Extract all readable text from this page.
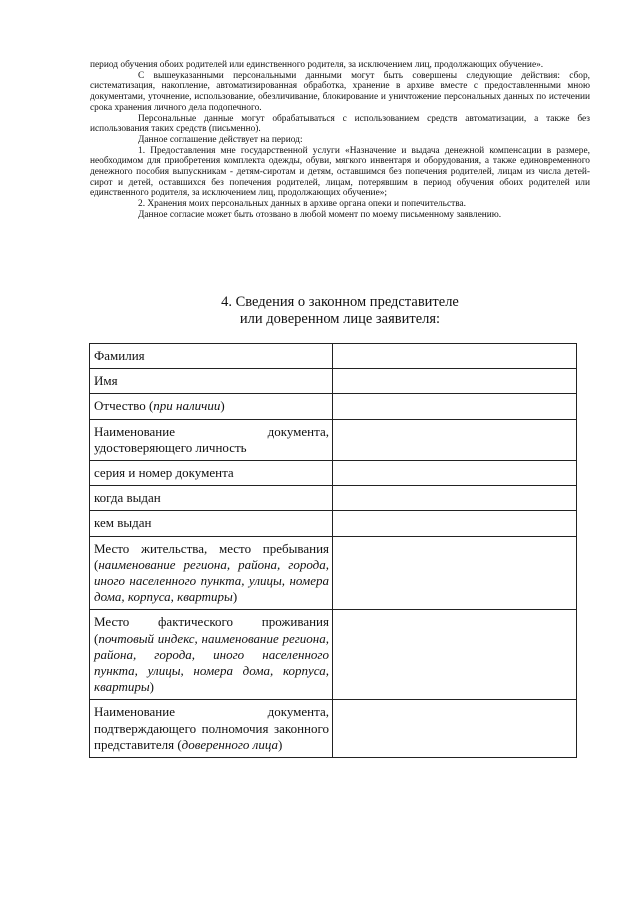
период обучения обоих родителей или единственного родителя, за исключением лиц, продолжающих обучение».

С вышеуказанными персональными данными могут быть совершены следующие действия: сбор, систематизация, накопление, автоматизированная обработка, хранение в архиве вместе с предоставленными мною документами, уточнение, использование, обезличивание, блокирование и уничтожение персональных данных по истечении срока хранения личного дела подопечного.

Персональные данные могут обрабатываться с использованием средств автоматизации, а также без использования таких средств (письменно).

Данное соглашение действует на период:

1. Предоставления мне государственной услуги «Назначение и выдача денежной компенсации в размере, необходимом для приобретения комплекта одежды, обуви, мягкого инвентаря и оборудования, а также единовременного денежного пособия выпускникам - детям-сиротам и детям, оставшимся без попечения родителей, лицам из числа детей-сирот и детей, оставшихся без попечения родителей, лицам, потерявшим в период обучения обоих родителей или единственного родителя, за исключением лиц, продолжающих обучение»;

2. Хранения моих персональных данных в архиве органа опеки и попечительства.

Данное согласие может быть отозвано в любой момент по моему письменному заявлению.

4. Сведения о законном представителе
или доверенном лице заявителя:
Фамилия	
Имя	
Отчество (при наличии)	
Наименование документа, удостоверяющего личность	
серия и номер документа	
когда выдан	
кем выдан	
Место жительства, место пребывания (наименование региона, района, города, иного населенного пункта, улицы, номера дома, корпуса, квартиры)	
Место фактического проживания (почтовый индекс, наименование региона, района, города, иного населенного пункта, улицы, номера дома, корпуса, квартиры)	
Наименование документа, подтверждающего полномочия законного представителя (доверенного лица)	
